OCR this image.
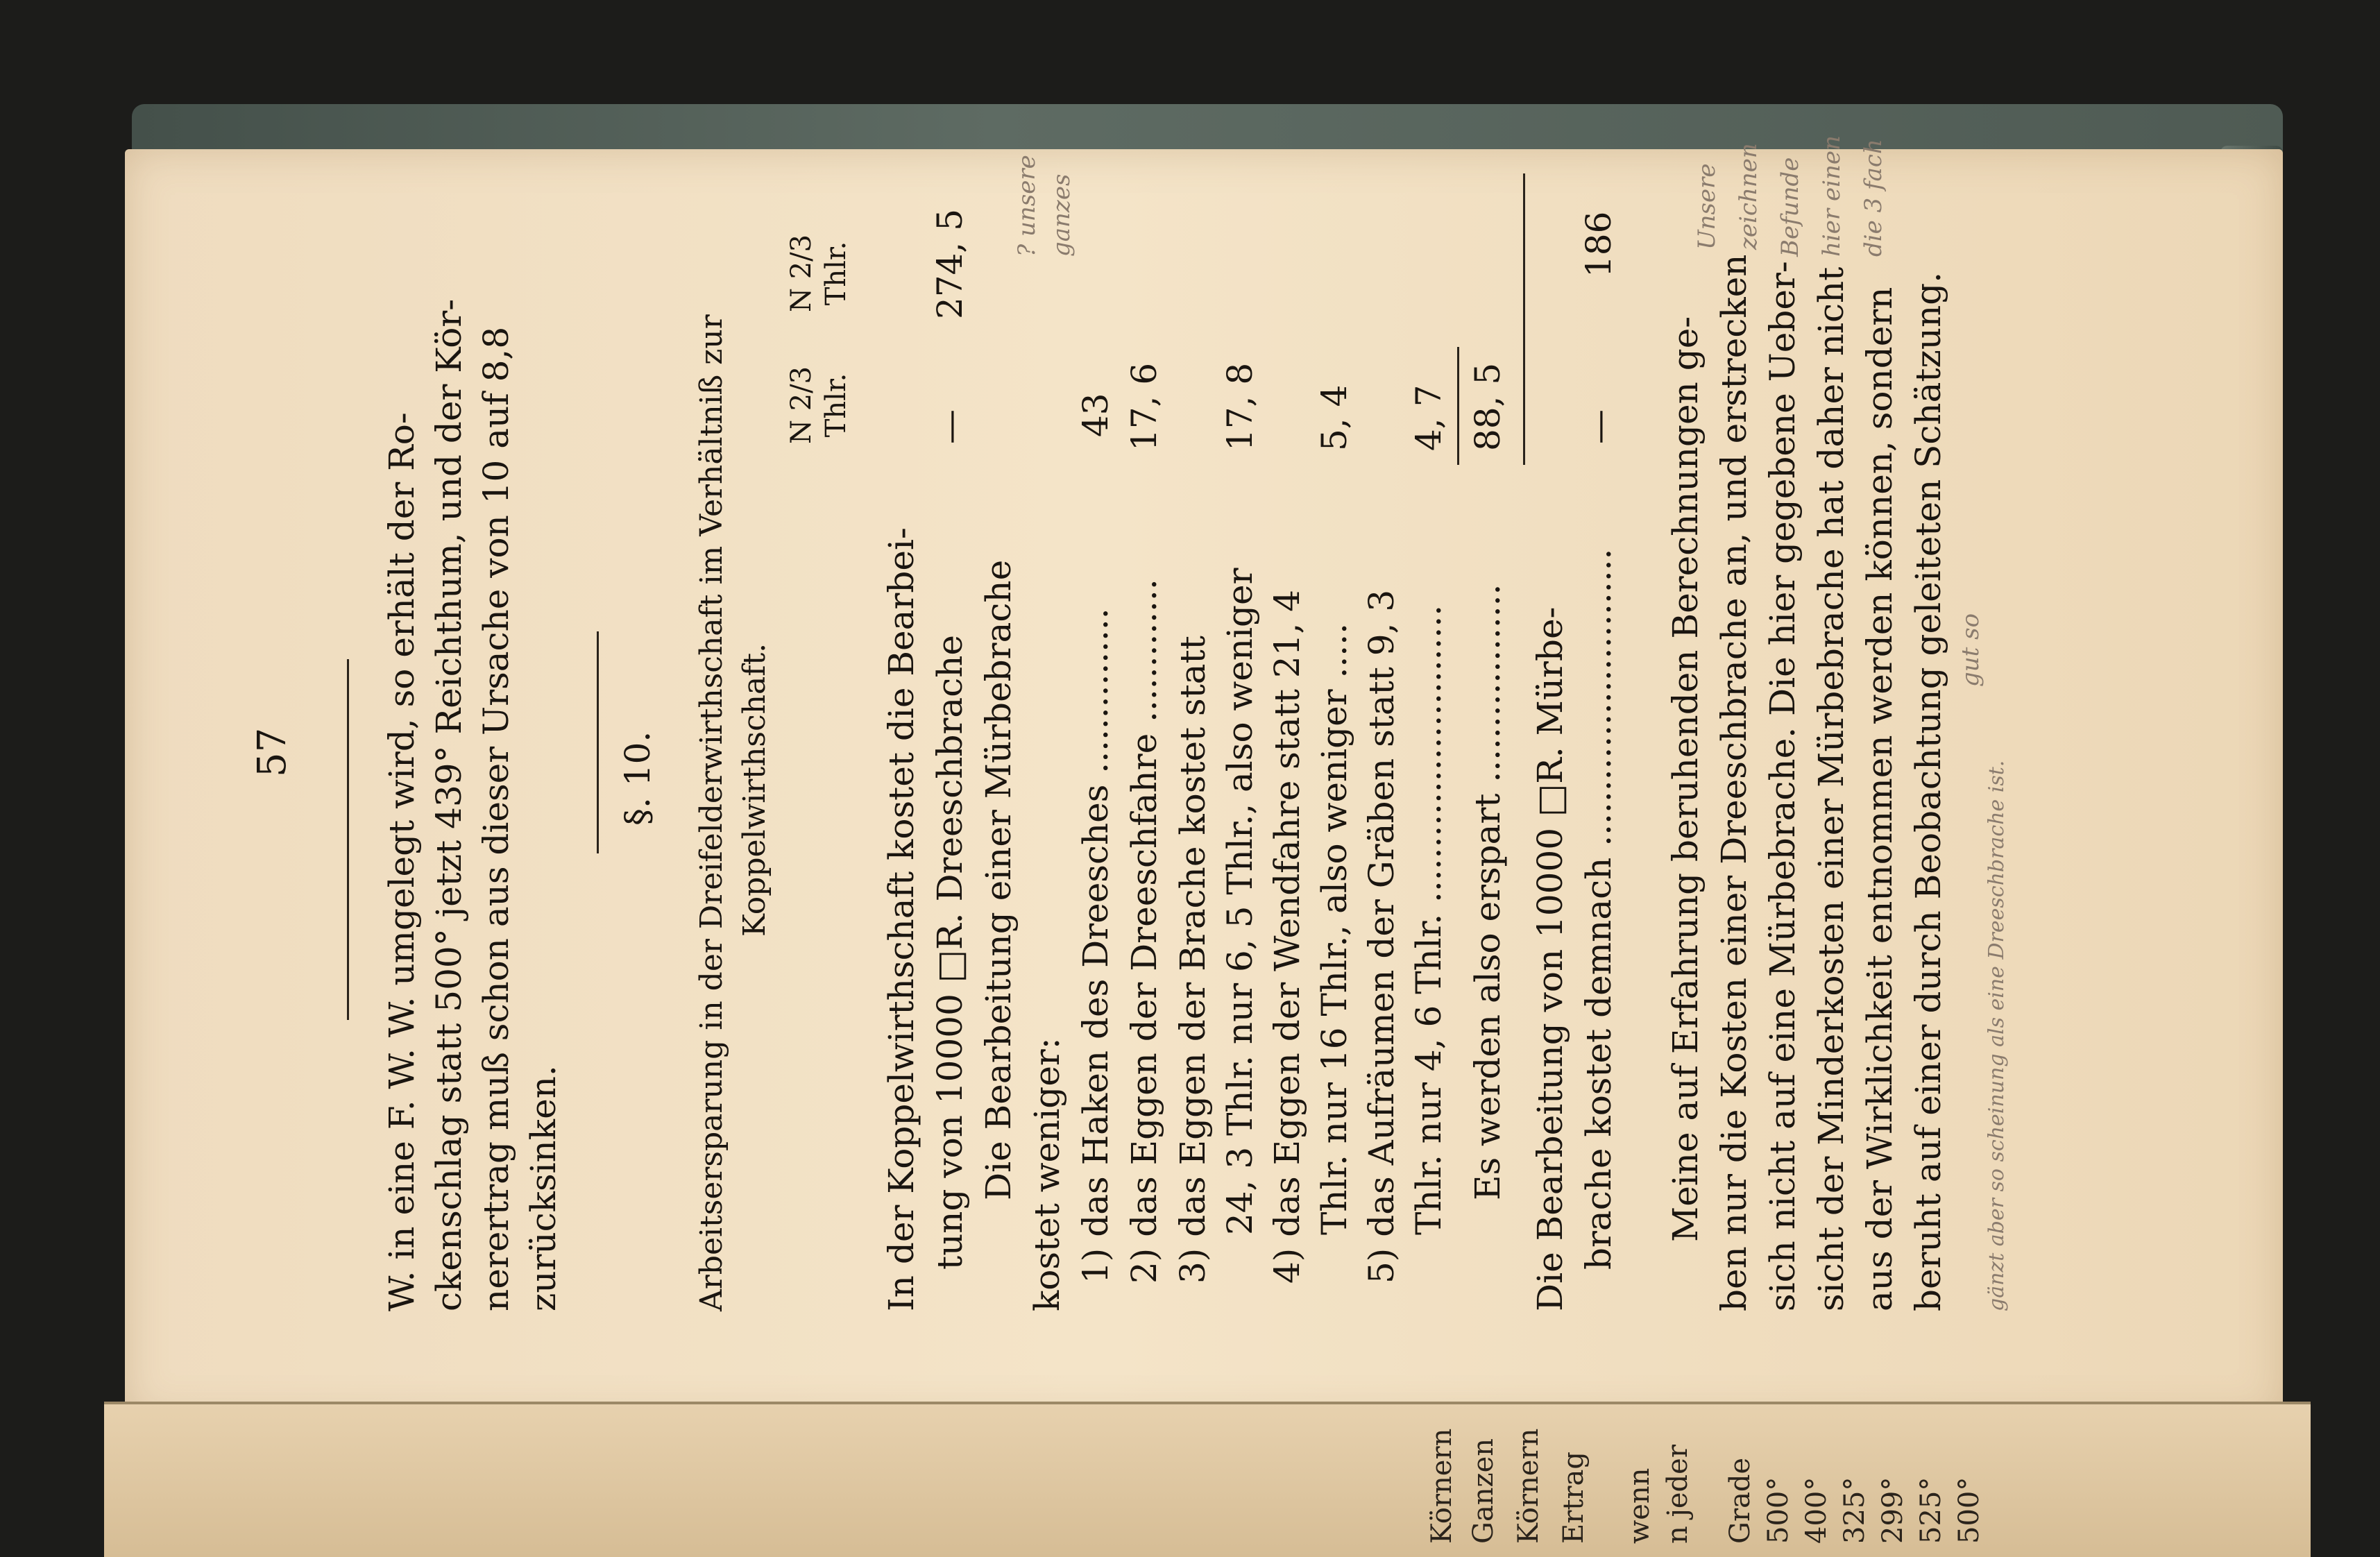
Körnern Ganzen Körnern Ertrag wenn n jeder Grade 500° 400° 325° 299° 525° 500°
57	W. in eine F. W. W. umgelegt wird, so erhält der Ro- ckenschlag statt 500° jetzt 439° Reichthum, und der Kör- nerertrag muß schon aus dieser Ursache von 10 auf 8,8 zurücksinken.
§. 10. Arbeitsersparung in der Dreifelderwirthschaft im Verhältniß zur Koppelwirthschaft.
N 2/3
Thlr.
N 2/3
Thlr.
In der Koppelwirthschaft kostet die Bearbei- tung von 10000 □R. Dreeschbrache
—
274, 5
Die Bearbeitung einer Mürbebrache kostet weniger: 1) das Haken des Dreesches ...............
43
2) das Eggen der Dreeschfahre .............
17, 6
3) das Eggen der Brache kostet statt 24, 3 Thlr. nur 6, 5 Thlr., also weniger
17, 8
4) das Eggen der Wendfahre statt 21, 4 Thlr. nur 16 Thlr., also weniger .....
5, 4
5) das Aufräumen der Gräben statt 9, 3 Thlr. nur 4, 6 Thlr. ...........................
4, 7
Es werden also erspart ..................
88, 5
Die Bearbeitung von 10000 □R. Mürbe- brache kostet demnach ...........................
—
186
Meine auf Erfahrung beruhenden Berechnungen ge- ben nur die Kosten einer Dreeschbrache an, und erstrecken sich nicht auf eine Mürbebrache. Die hier gegebene Ueber- sicht der Minderkosten einer Mürbebrache hat daher nicht aus der Wirklichkeit entnommen werden können, sondern beruht auf einer durch Beobachtung geleiteten Schätzung.
? unsere ganzes	Unsere zeichnen Befunde hier einen die 3 fach
gut so
gänzt aber so scheinung als eine Dreeschbrache ist.
